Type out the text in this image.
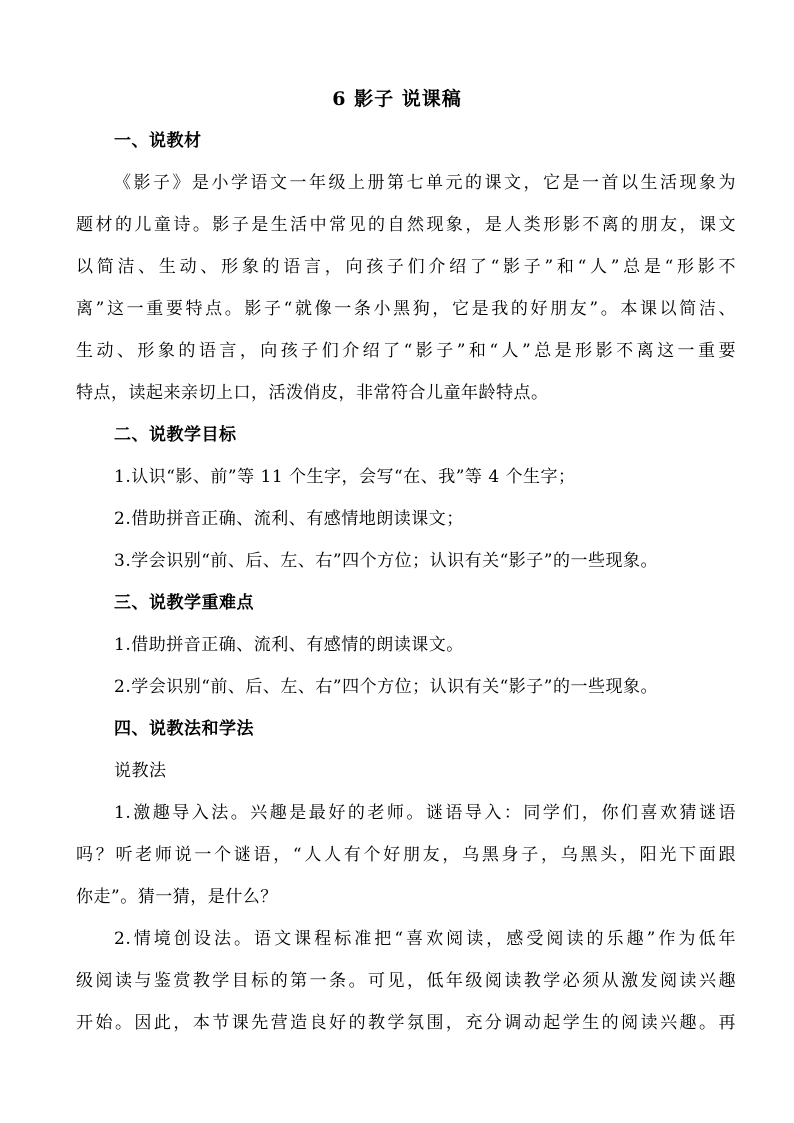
6 影子 说课稿
一、说教材
《影子》是小学语文一年级上册第七单元的课文，它是一首以生活现象为
题材的儿童诗。影子是生活中常见的自然现象，是人类形影不离的朋友，课文
以简洁、生动、形象的语言，向孩子们介绍了“影子”和“人”总是“形影不
离”这一重要特点。影子“就像一条小黑狗，它是我的好朋友”。本课以简洁、
生动、形象的语言，向孩子们介绍了“影子”和“人”总是形影不离这一重要
特点，读起来亲切上口，活泼俏皮，非常符合儿童年龄特点。
二、说教学目标
1.认识“影、前”等 11 个生字，会写“在、我”等 4 个生字；
2.借助拼音正确、流利、有感情地朗读课文；
3.学会识别“前、后、左、右”四个方位；认识有关“影子”的一些现象。
三、说教学重难点
1.借助拼音正确、流利、有感情的朗读课文。
2.学会识别“前、后、左、右”四个方位；认识有关“影子”的一些现象。
四、说教法和学法
说教法
1.激趣导入法。兴趣是最好的老师。谜语导入：同学们，你们喜欢猜谜语
吗？听老师说一个谜语，“人人有个好朋友，乌黑身子，乌黑头，阳光下面跟
你走”。猜一猜，是什么？
2.情境创设法。语文课程标准把“喜欢阅读，感受阅读的乐趣”作为低年
级阅读与鉴赏教学目标的第一条。可见，低年级阅读教学必须从激发阅读兴趣
开始。因此，本节课先营造良好的教学氛围，充分调动起学生的阅读兴趣。再
